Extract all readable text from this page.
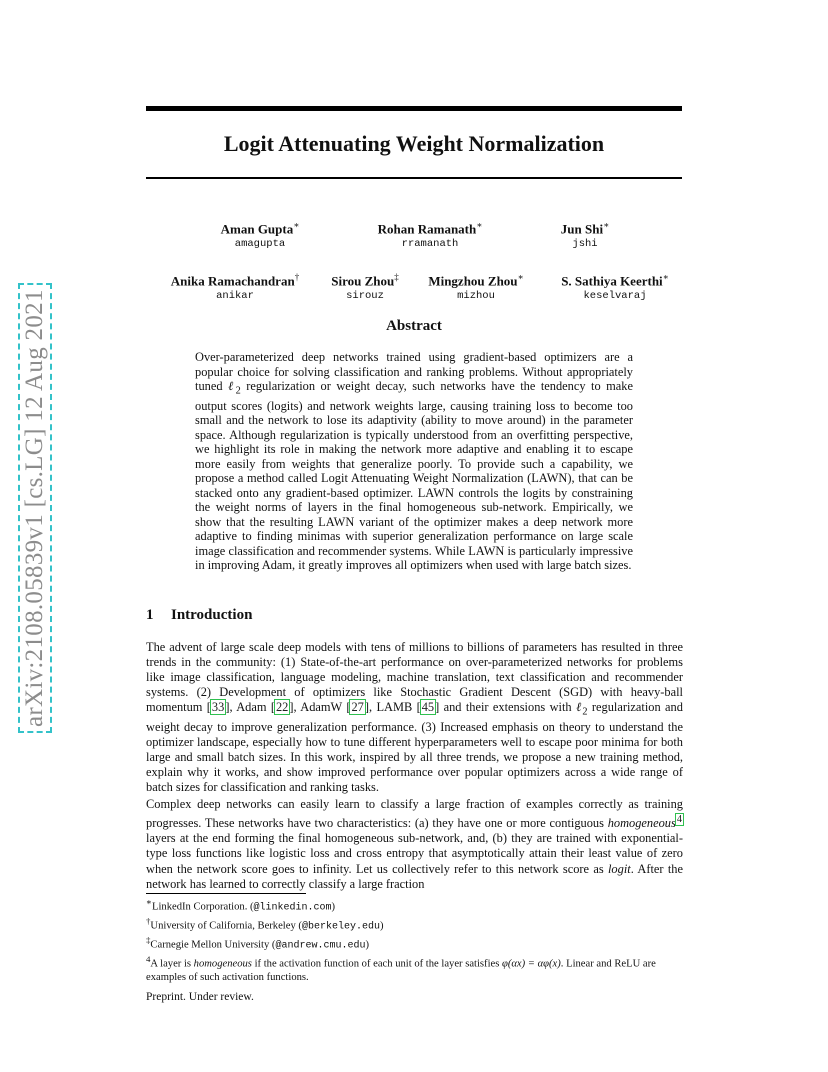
arXiv:2108.05839v1 [cs.LG] 12 Aug 2021
Logit Attenuating Weight Normalization
Aman Gupta∗
amagupta
Rohan Ramanath∗
rramanath
Jun Shi∗
jshi
Anika Ramachandran†
anikar
Sirou Zhou‡
sirouz
Mingzhou Zhou∗
mizhou
S. Sathiya Keerthi∗
keselvaraj
Abstract

Over-parameterized deep networks trained using gradient-based optimizers are a popular choice for solving classification and ranking problems. Without appropriately tuned ℓ$_2$ regularization or weight decay, such networks have the tendency to make output scores (logits) and network weights large, causing training loss to become too small and the network to lose its adaptivity (ability to move around) in the parameter space. Although regularization is typically understood from an overfitting perspective, we highlight its role in making the network more adaptive and enabling it to escape more easily from weights that generalize poorly. To provide such a capability, we propose a method called Logit Attenuating Weight Normalization (LAWN), that can be stacked onto any gradient-based optimizer. LAWN controls the logits by constraining the weight norms of layers in the final homogeneous sub-network. Empirically, we show that the resulting LAWN variant of the optimizer makes a deep network more adaptive to finding minimas with superior generalization performance on large scale image classification and recommender systems. While LAWN is particularly impressive in improving Adam, it greatly improves all optimizers when used with large batch sizes.

1 Introduction

The advent of large scale deep models with tens of millions to billions of parameters has resulted in three trends in the community: (1) State-of-the-art performance on over-parameterized networks for problems like image classification, language modeling, machine translation, text classification and recommender systems. (2) Development of optimizers like Stochastic Gradient Descent (SGD) with heavy-ball momentum [33], Adam [22], AdamW [27], LAMB [45] and their extensions with ℓ$_2$ regularization and weight decay to improve generalization performance. (3) Increased emphasis on theory to understand the optimizer landscape, especially how to tune different hyperparameters well to escape poor minima for both large and small batch sizes. In this work, inspired by all three trends, we propose a new training method, explain why it works, and show improved performance over popular optimizers across a wide range of batch sizes for classification and ranking tasks.

Complex deep networks can easily learn to classify a large fraction of examples correctly as training progresses. These networks have two characteristics: (a) they have one or more contiguous homogeneous$^4$ layers at the end forming the final homogeneous sub-network, and, (b) they are trained with exponential-type loss functions like logistic loss and cross entropy that asymptotically attain their least value of zero when the network score goes to infinity. Let us collectively refer to this network score as logit. After the network has learned to correctly classify a large fraction

∗LinkedIn Corporation. (@linkedin.com)
†University of California, Berkeley (@berkeley.edu)
‡Carnegie Mellon University (@andrew.cmu.edu)
$^4$A layer is homogeneous if the activation function of each unit of the layer satisfies φ(αx) = αφ(x). Linear and ReLU are examples of such activation functions.
Preprint. Under review.
